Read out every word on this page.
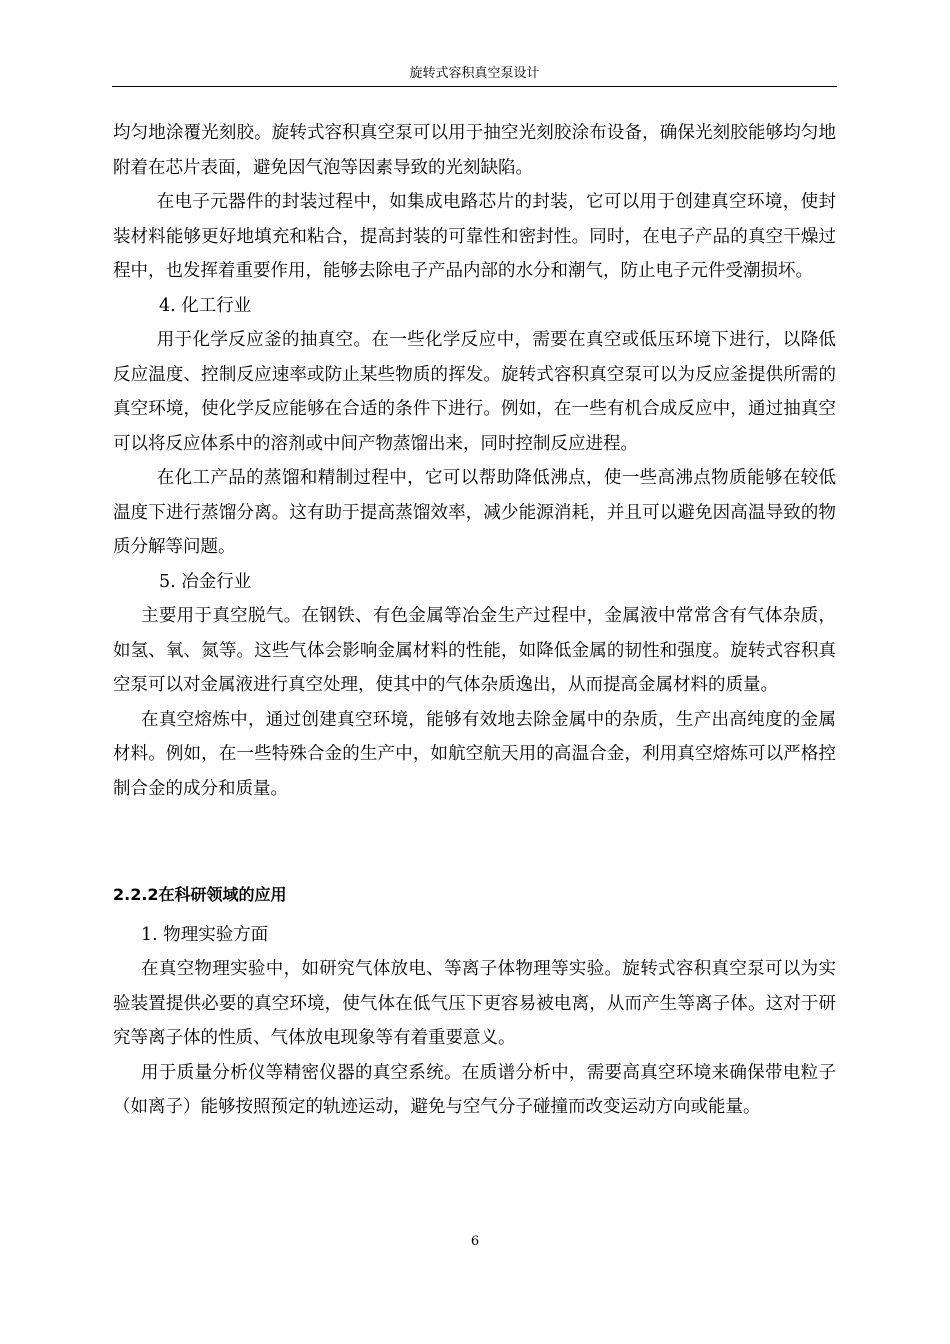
旋转式容积真空泵设计

均匀地涂覆光刻胶。旋转式容积真空泵可以用于抽空光刻胶涂布设备，确保光刻胶能够均匀地附着在芯片表面，避免因气泡等因素导致的光刻缺陷。

在电子元器件的封装过程中，如集成电路芯片的封装，它可以用于创建真空环境，使封装材料能够更好地填充和粘合，提高封装的可靠性和密封性。同时，在电子产品的真空干燥过程中，也发挥着重要作用，能够去除电子产品内部的水分和潮气，防止电子元件受潮损坏。

4. 化工行业

用于化学反应釜的抽真空。在一些化学反应中，需要在真空或低压环境下进行，以降低反应温度、控制反应速率或防止某些物质的挥发。旋转式容积真空泵可以为反应釜提供所需的真空环境，使化学反应能够在合适的条件下进行。例如，在一些有机合成反应中，通过抽真空可以将反应体系中的溶剂或中间产物蒸馏出来，同时控制反应进程。

在化工产品的蒸馏和精制过程中，它可以帮助降低沸点，使一些高沸点物质能够在较低温度下进行蒸馏分离。这有助于提高蒸馏效率，减少能源消耗，并且可以避免因高温导致的物质分解等问题。

5. 冶金行业

主要用于真空脱气。在钢铁、有色金属等冶金生产过程中，金属液中常常含有气体杂质，如氢、氧、氮等。这些气体会影响金属材料的性能，如降低金属的韧性和强度。旋转式容积真空泵可以对金属液进行真空处理，使其中的气体杂质逸出，从而提高金属材料的质量。

在真空熔炼中，通过创建真空环境，能够有效地去除金属中的杂质，生产出高纯度的金属材料。例如，在一些特殊合金的生产中，如航空航天用的高温合金，利用真空熔炼可以严格控制合金的成分和质量。

2.2.2在科研领域的应用

1. 物理实验方面

在真空物理实验中，如研究气体放电、等离子体物理等实验。旋转式容积真空泵可以为实验装置提供必要的真空环境，使气体在低气压下更容易被电离，从而产生等离子体。这对于研究等离子体的性质、气体放电现象等有着重要意义。

用于质量分析仪等精密仪器的真空系统。在质谱分析中，需要高真空环境来确保带电粒子（如离子）能够按照预定的轨迹运动，避免与空气分子碰撞而改变运动方向或能量。

6
